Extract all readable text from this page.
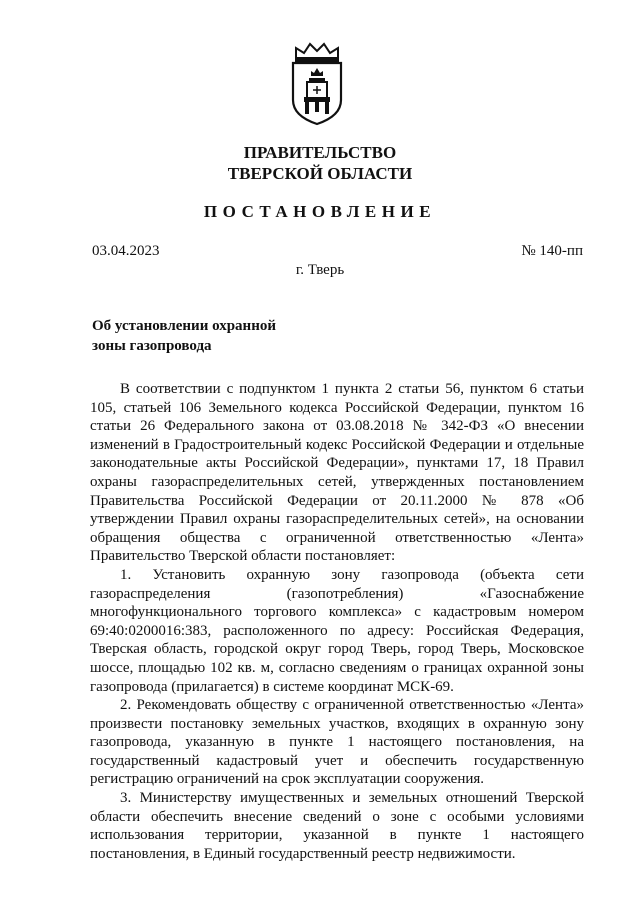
ПРАВИТЕЛЬСТВО
ТВЕРСКОЙ ОБЛАСТИ
ПОСТАНОВЛЕНИЕ
03.04.2023	№ 140-пп
г. Тверь
Об установлении охранной
зоны газопровода

В соответствии с подпунктом 1 пункта 2 статьи 56, пунктом 6 статьи 105, статьей 106 Земельного кодекса Российской Федерации, пунктом 16 статьи 26 Федерального закона от 03.08.2018 № 342-ФЗ «О внесении изменений в Градостроительный кодекс Российской Федерации и отдельные законодательные акты Российской Федерации», пунктами 17, 18 Правил охраны газораспределительных сетей, утвержденных постановлением Правительства Российской Федерации от 20.11.2000 № 878 «Об утверждении Правил охраны газораспределительных сетей», на основании обращения общества с ограниченной ответственностью «Лента» Правительство Тверской области постановляет:

1. Установить охранную зону газопровода (объекта сети газораспределения (газопотребления) «Газоснабжение многофункционального торгового комплекса» с кадастровым номером 69:40:0200016:383, расположенного по адресу: Российская Федерация, Тверская область, городской округ город Тверь, город Тверь, Московское шоссе, площадью 102 кв. м, согласно сведениям о границах охранной зоны газопровода (прилагается) в системе координат МСК-69.

2. Рекомендовать обществу с ограниченной ответственностью «Лента» произвести постановку земельных участков, входящих в охранную зону газопровода, указанную в пункте 1 настоящего постановления, на государственный кадастровый учет и обеспечить государственную регистрацию ограничений на срок эксплуатации сооружения.

3. Министерству имущественных и земельных отношений Тверской области обеспечить внесение сведений о зоне с особыми условиями использования территории, указанной в пункте 1 настоящего постановления, в Единый государственный реестр недвижимости.
